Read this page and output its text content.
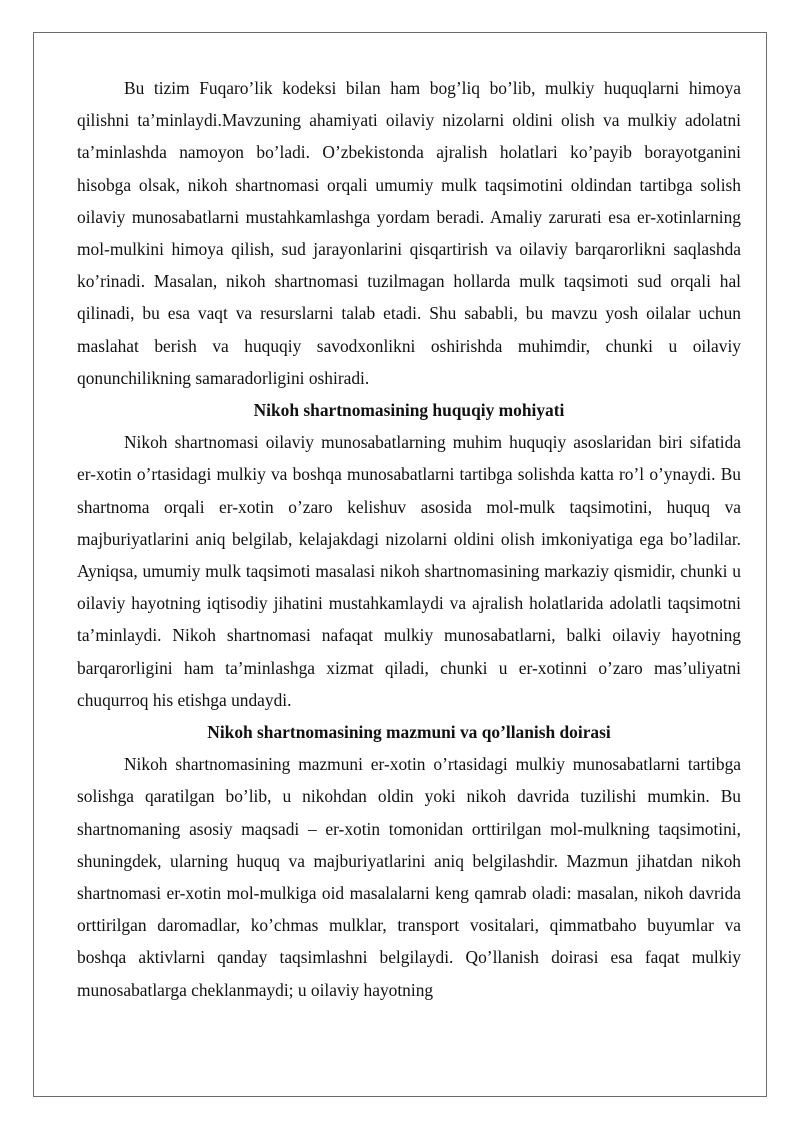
Bu tizim Fuqaro’lik kodeksi bilan ham bog’liq bo’lib, mulkiy huquqlarni himoya qilishni ta’minlaydi.Mavzuning ahamiyati oilaviy nizolarni oldini olish va mulkiy adolatni ta’minlashda namoyon bo’ladi. O’zbekistonda ajralish holatlari ko’payib borayotganini hisobga olsak, nikoh shartnomasi orqali umumiy mulk taqsimotini oldindan tartibga solish oilaviy munosabatlarni mustahkamlashga yordam beradi. Amaliy zarurati esa er-xotinlarning mol-mulkini himoya qilish, sud jarayonlarini qisqartirish va oilaviy barqarorlikni saqlashda ko’rinadi. Masalan, nikoh shartnomasi tuzilmagan hollarda mulk taqsimoti sud orqali hal qilinadi, bu esa vaqt va resurslarni talab etadi. Shu sababli, bu mavzu yosh oilalar uchun maslahat berish va huquqiy savodxonlikni oshirishda muhimdir, chunki u oilaviy qonunchilikning samaradorligini oshiradi.

Nikoh shartnomasining huquqiy mohiyati

Nikoh shartnomasi oilaviy munosabatlarning muhim huquqiy asoslaridan biri sifatida er-xotin o’rtasidagi mulkiy va boshqa munosabatlarni tartibga solishda katta ro’l o’ynaydi. Bu shartnoma orqali er-xotin o’zaro kelishuv asosida mol-mulk taqsimotini, huquq va majburiyatlarini aniq belgilab, kelajakdagi nizolarni oldini olish imkoniyatiga ega bo’ladilar. Ayniqsa, umumiy mulk taqsimoti masalasi nikoh shartnomasining markaziy qismidir, chunki u oilaviy hayotning iqtisodiy jihatini mustahkamlaydi va ajralish holatlarida adolatli taqsimotni ta’minlaydi. Nikoh shartnomasi nafaqat mulkiy munosabatlarni, balki oilaviy hayotning barqarorligini ham ta’minlashga xizmat qiladi, chunki u er-xotinni o’zaro mas’uliyatni chuqurroq his etishga undaydi.

Nikoh shartnomasining mazmuni va qo’llanish doirasi

Nikoh shartnomasining mazmuni er-xotin o’rtasidagi mulkiy munosabatlarni tartibga solishga qaratilgan bo’lib, u nikohdan oldin yoki nikoh davrida tuzilishi mumkin. Bu shartnomaning asosiy maqsadi – er-xotin tomonidan orttirilgan mol-mulkning taqsimotini, shuningdek, ularning huquq va majburiyatlarini aniq belgilashdir. Mazmun jihatdan nikoh shartnomasi er-xotin mol-mulkiga oid masalalarni keng qamrab oladi: masalan, nikoh davrida orttirilgan daromadlar, ko’chmas mulklar, transport vositalari, qimmatbaho buyumlar va boshqa aktivlarni qanday taqsimlashni belgilaydi. Qo’llanish doirasi esa faqat mulkiy munosabatlarga cheklanmaydi; u oilaviy hayotning
